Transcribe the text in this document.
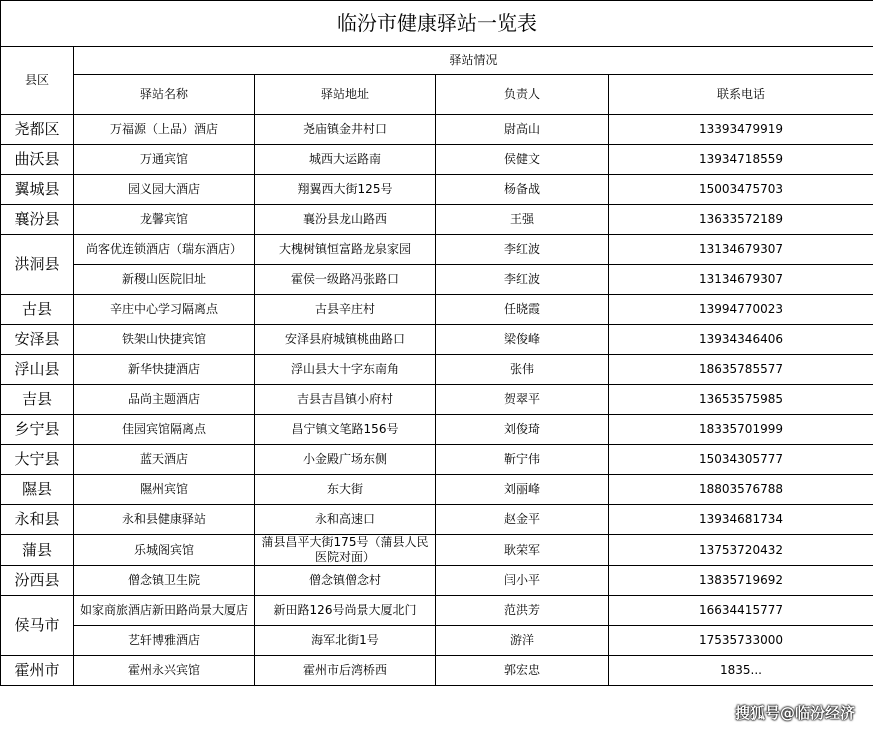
临汾市健康驿站一览表				
县区	驿站情况			
	驿站名称	驿站地址	负责人	联系电话
尧都区	万福源（上品）酒店	尧庙镇金井村口	尉高山	13393479919
曲沃县	万通宾馆	城西大运路南	侯健文	13934718559
翼城县	园义园大酒店	翔翼西大街125号	杨备战	15003475703
襄汾县	龙馨宾馆	襄汾县龙山路西	王强	13633572189
洪洞县	尚客优连锁酒店（瑞东酒店）	大槐树镇恒富路龙泉家园	李红波	13134679307
	新稷山医院旧址	霍侯一级路冯张路口	李红波	13134679307
古县	辛庄中心学习隔离点	古县辛庄村	任晓霞	13994770023
安泽县	铁架山快捷宾馆	安泽县府城镇桃曲路口	梁俊峰	13934346406
浮山县	新华快捷酒店	浮山县大十字东南角	张伟	18635785577
吉县	品尚主题酒店	吉县吉昌镇小府村	贺翠平	13653575985
乡宁县	佳园宾馆隔离点	昌宁镇文笔路156号	刘俊琦	18335701999
大宁县	蓝天酒店	小金殿广场东侧	靳宁伟	15034305777
隰县	隰州宾馆	东大街	刘丽峰	18803576788
永和县	永和县健康驿站	永和高速口	赵金平	13934681734
蒲县	乐城阁宾馆	蒲县昌平大街175号（蒲县人民医院对面）	耿荣军	13753720432
汾西县	僧念镇卫生院	僧念镇僧念村	闫小平	13835719692
侯马市	如家商旅酒店新田路尚景大厦店	新田路126号尚景大厦北门	范洪芳	16634415777
	艺轩博雅酒店	海军北街1号	游洋	17535733000
霍州市	霍州永兴宾馆	霍州市后湾桥西	郭宏忠	1835...
搜狐号@临汾经济
